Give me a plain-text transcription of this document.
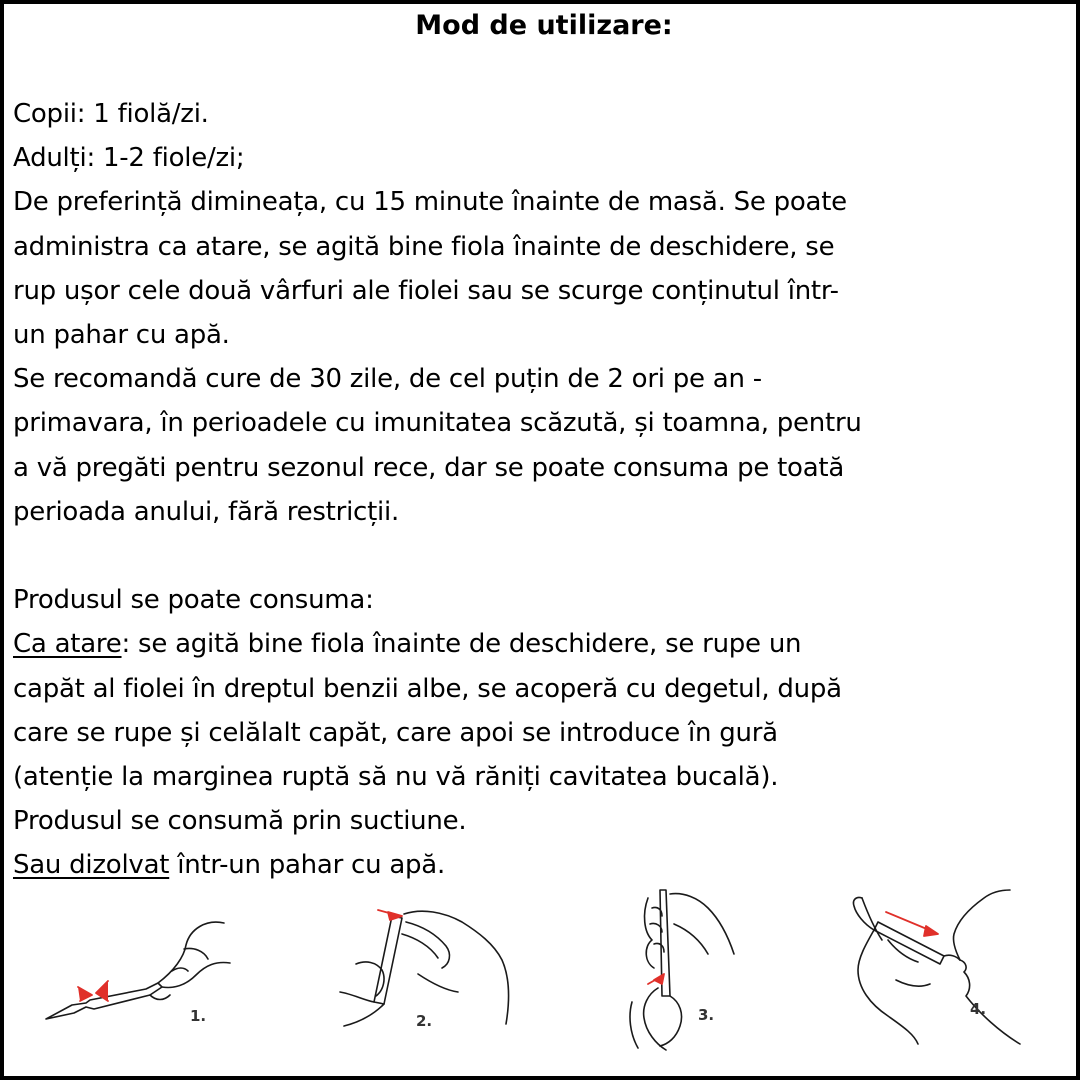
Mod de utilizare:
Copii: 1 fiolă/zi.
Adulți: 1-2 fiole/zi;
De preferință dimineața, cu 15 minute înainte de masă. Se poate
administra ca atare, se agită bine fiola înainte de deschidere, se
rup ușor cele două vârfuri ale fiolei sau se scurge conținutul într-
un pahar cu apă.
Se recomandă cure de 30 zile, de cel puțin de 2 ori pe an -
primavara, în perioadele cu imunitatea scăzută, și toamna, pentru
a vă pregăti pentru sezonul rece, dar se poate consuma pe toată
perioada anului, fără restricții.
Produsul se poate consuma:
Ca atare: se agită bine fiola înainte de deschidere, se rupe un
capăt al fiolei în dreptul benzii albe, se acoperă cu degetul, după
care se rupe și celălalt capăt, care apoi se introduce în gură
(atenție la marginea ruptă să nu vă răniți cavitatea bucală).
Produsul se consumă prin suctiune.
Sau dizolvat într-un pahar cu apă.
1.	2.	3.	4.
